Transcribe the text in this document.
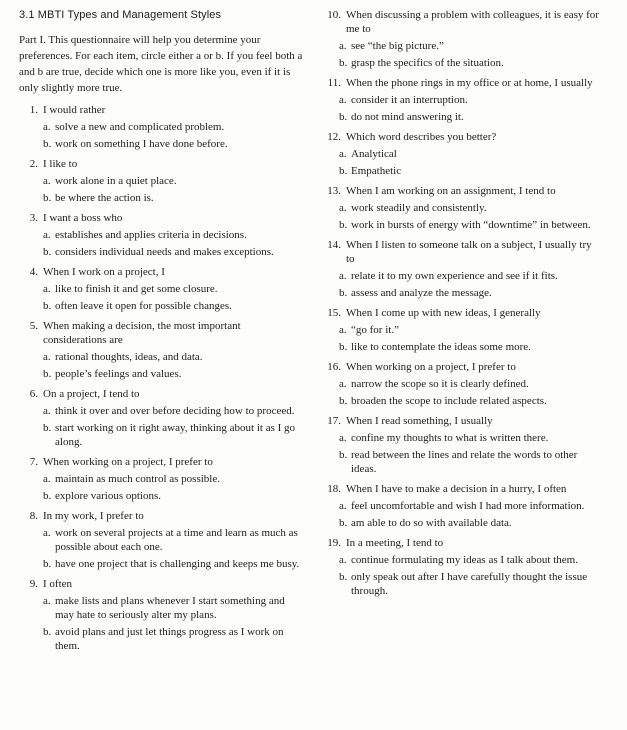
3.1 MBTI Types and Management Styles

Part I. This questionnaire will help you determine your preferences. For each item, circle either a or b. If you feel both a and b are true, decide which one is more like you, even if it is only slightly more true.

1. I would rather
a. solve a new and complicated problem.
b. work on something I have done before.
2. I like to
a. work alone in a quiet place.
b. be where the action is.
3. I want a boss who
a. establishes and applies criteria in decisions.
b. considers individual needs and makes exceptions.
4. When I work on a project, I
a. like to finish it and get some closure.
b. often leave it open for possible changes.
5. When making a decision, the most important considerations are
a. rational thoughts, ideas, and data.
b. people’s feelings and values.
6. On a project, I tend to
a. think it over and over before deciding how to proceed.
b. start working on it right away, thinking about it as I go along.
7. When working on a project, I prefer to
a. maintain as much control as possible.
b. explore various options.
8. In my work, I prefer to
a. work on several projects at a time and learn as much as possible about each one.
b. have one project that is challenging and keeps me busy.
9. I often
a. make lists and plans whenever I start something and may hate to seriously alter my plans.
b. avoid plans and just let things progress as I work on them.
10. When discussing a problem with colleagues, it is easy for me to
a. see “the big picture.”
b. grasp the specifics of the situation.
11. When the phone rings in my office or at home, I usually
a. consider it an interruption.
b. do not mind answering it.
12. Which word describes you better?
a. Analytical
b. Empathetic
13. When I am working on an assignment, I tend to
a. work steadily and consistently.
b. work in bursts of energy with “downtime” in between.
14. When I listen to someone talk on a subject, I usually try to
a. relate it to my own experience and see if it fits.
b. assess and analyze the message.
15. When I come up with new ideas, I generally
a. “go for it.”
b. like to contemplate the ideas some more.
16. When working on a project, I prefer to
a. narrow the scope so it is clearly defined.
b. broaden the scope to include related aspects.
17. When I read something, I usually
a. confine my thoughts to what is written there.
b. read between the lines and relate the words to other ideas.
18. When I have to make a decision in a hurry, I often
a. feel uncomfortable and wish I had more information.
b. am able to do so with available data.
19. In a meeting, I tend to
a. continue formulating my ideas as I talk about them.
b. only speak out after I have carefully thought the issue through.
